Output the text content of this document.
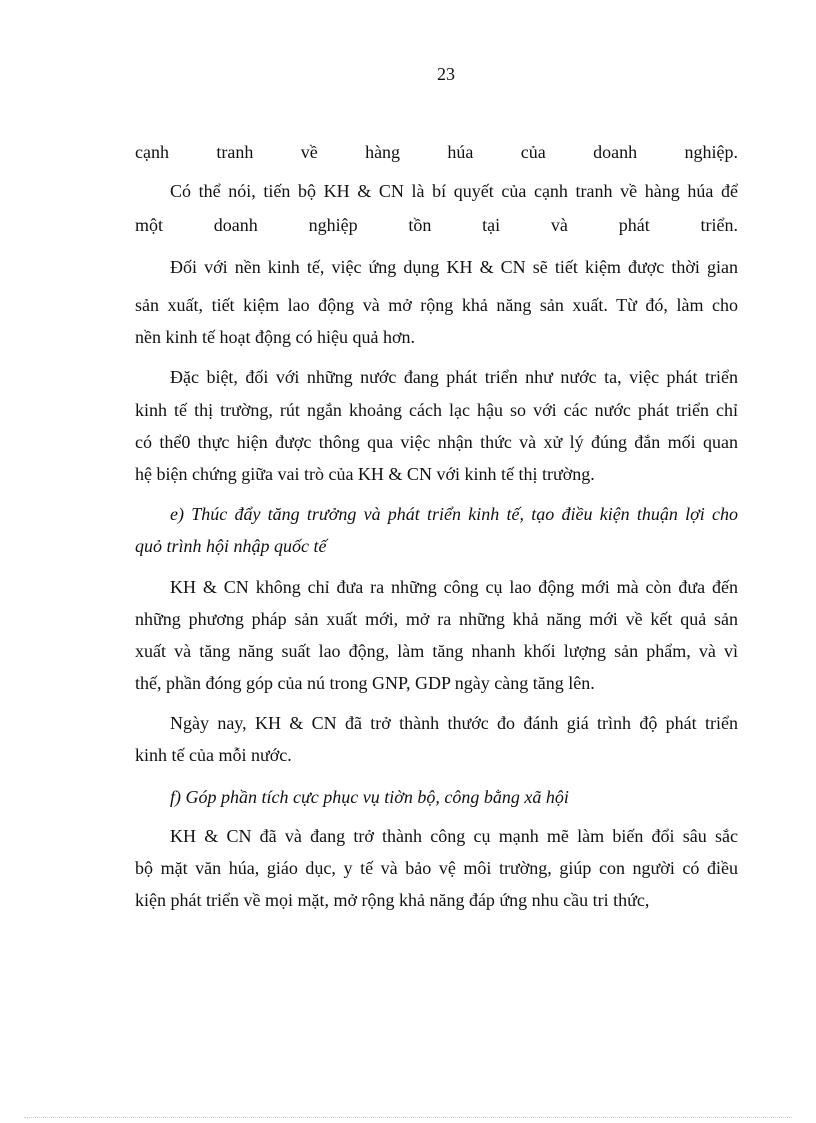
23
cạnh tranh về hàng húa của doanh nghiệp.
Có thể nói, tiến bộ KH & CN là bí quyết của cạnh tranh về hàng húa để
một doanh nghiệp tồn tại và phát triển.
Đối với nền kinh tế, việc ứng dụng KH & CN sẽ tiết kiệm được thời gian
sản xuất, tiết kiệm lao động và mở rộng khả năng sản xuất. Từ đó, làm cho
nền kinh tế hoạt động có hiệu quả hơn.
Đặc biệt, đối với những nước đang phát triển như nước ta, việc phát triển
kinh tế thị trường, rút ngắn khoảng cách lạc hậu so với các nước phát triển chỉ
có thể0 thực hiện được thông qua việc nhận thức và xử lý đúng đắn mối quan
hệ biện chứng giữa vai trò của KH & CN với kinh tế thị trường.
e) Thúc đẩy tăng trưởng và phát triển kinh tế, tạo điều kiện thuận lợi cho
quỏ trình hội nhập quốc tế
KH & CN không chỉ đưa ra những công cụ lao động mới mà còn đưa đến
những phương pháp sản xuất mới, mở ra những khả năng mới về kết quả sản
xuất và tăng năng suất lao động, làm tăng nhanh khối lượng sản phẩm, và vì
thế, phần đóng góp của nú trong GNP, GDP ngày càng tăng lên.
Ngày nay, KH & CN đã trở thành thước đo đánh giá trình độ phát triển
kinh tế của mỗi nước.
f) Góp phần tích cực phục vụ tiờn bộ, công bằng xã hội
KH & CN đã và đang trở thành công cụ mạnh mẽ làm biến đổi sâu sắc
bộ mặt văn húa, giáo dục, y tế và bảo vệ môi trường, giúp con người có điều
kiện phát triển về mọi mặt, mở rộng khả năng đáp ứng nhu cầu tri thức,
